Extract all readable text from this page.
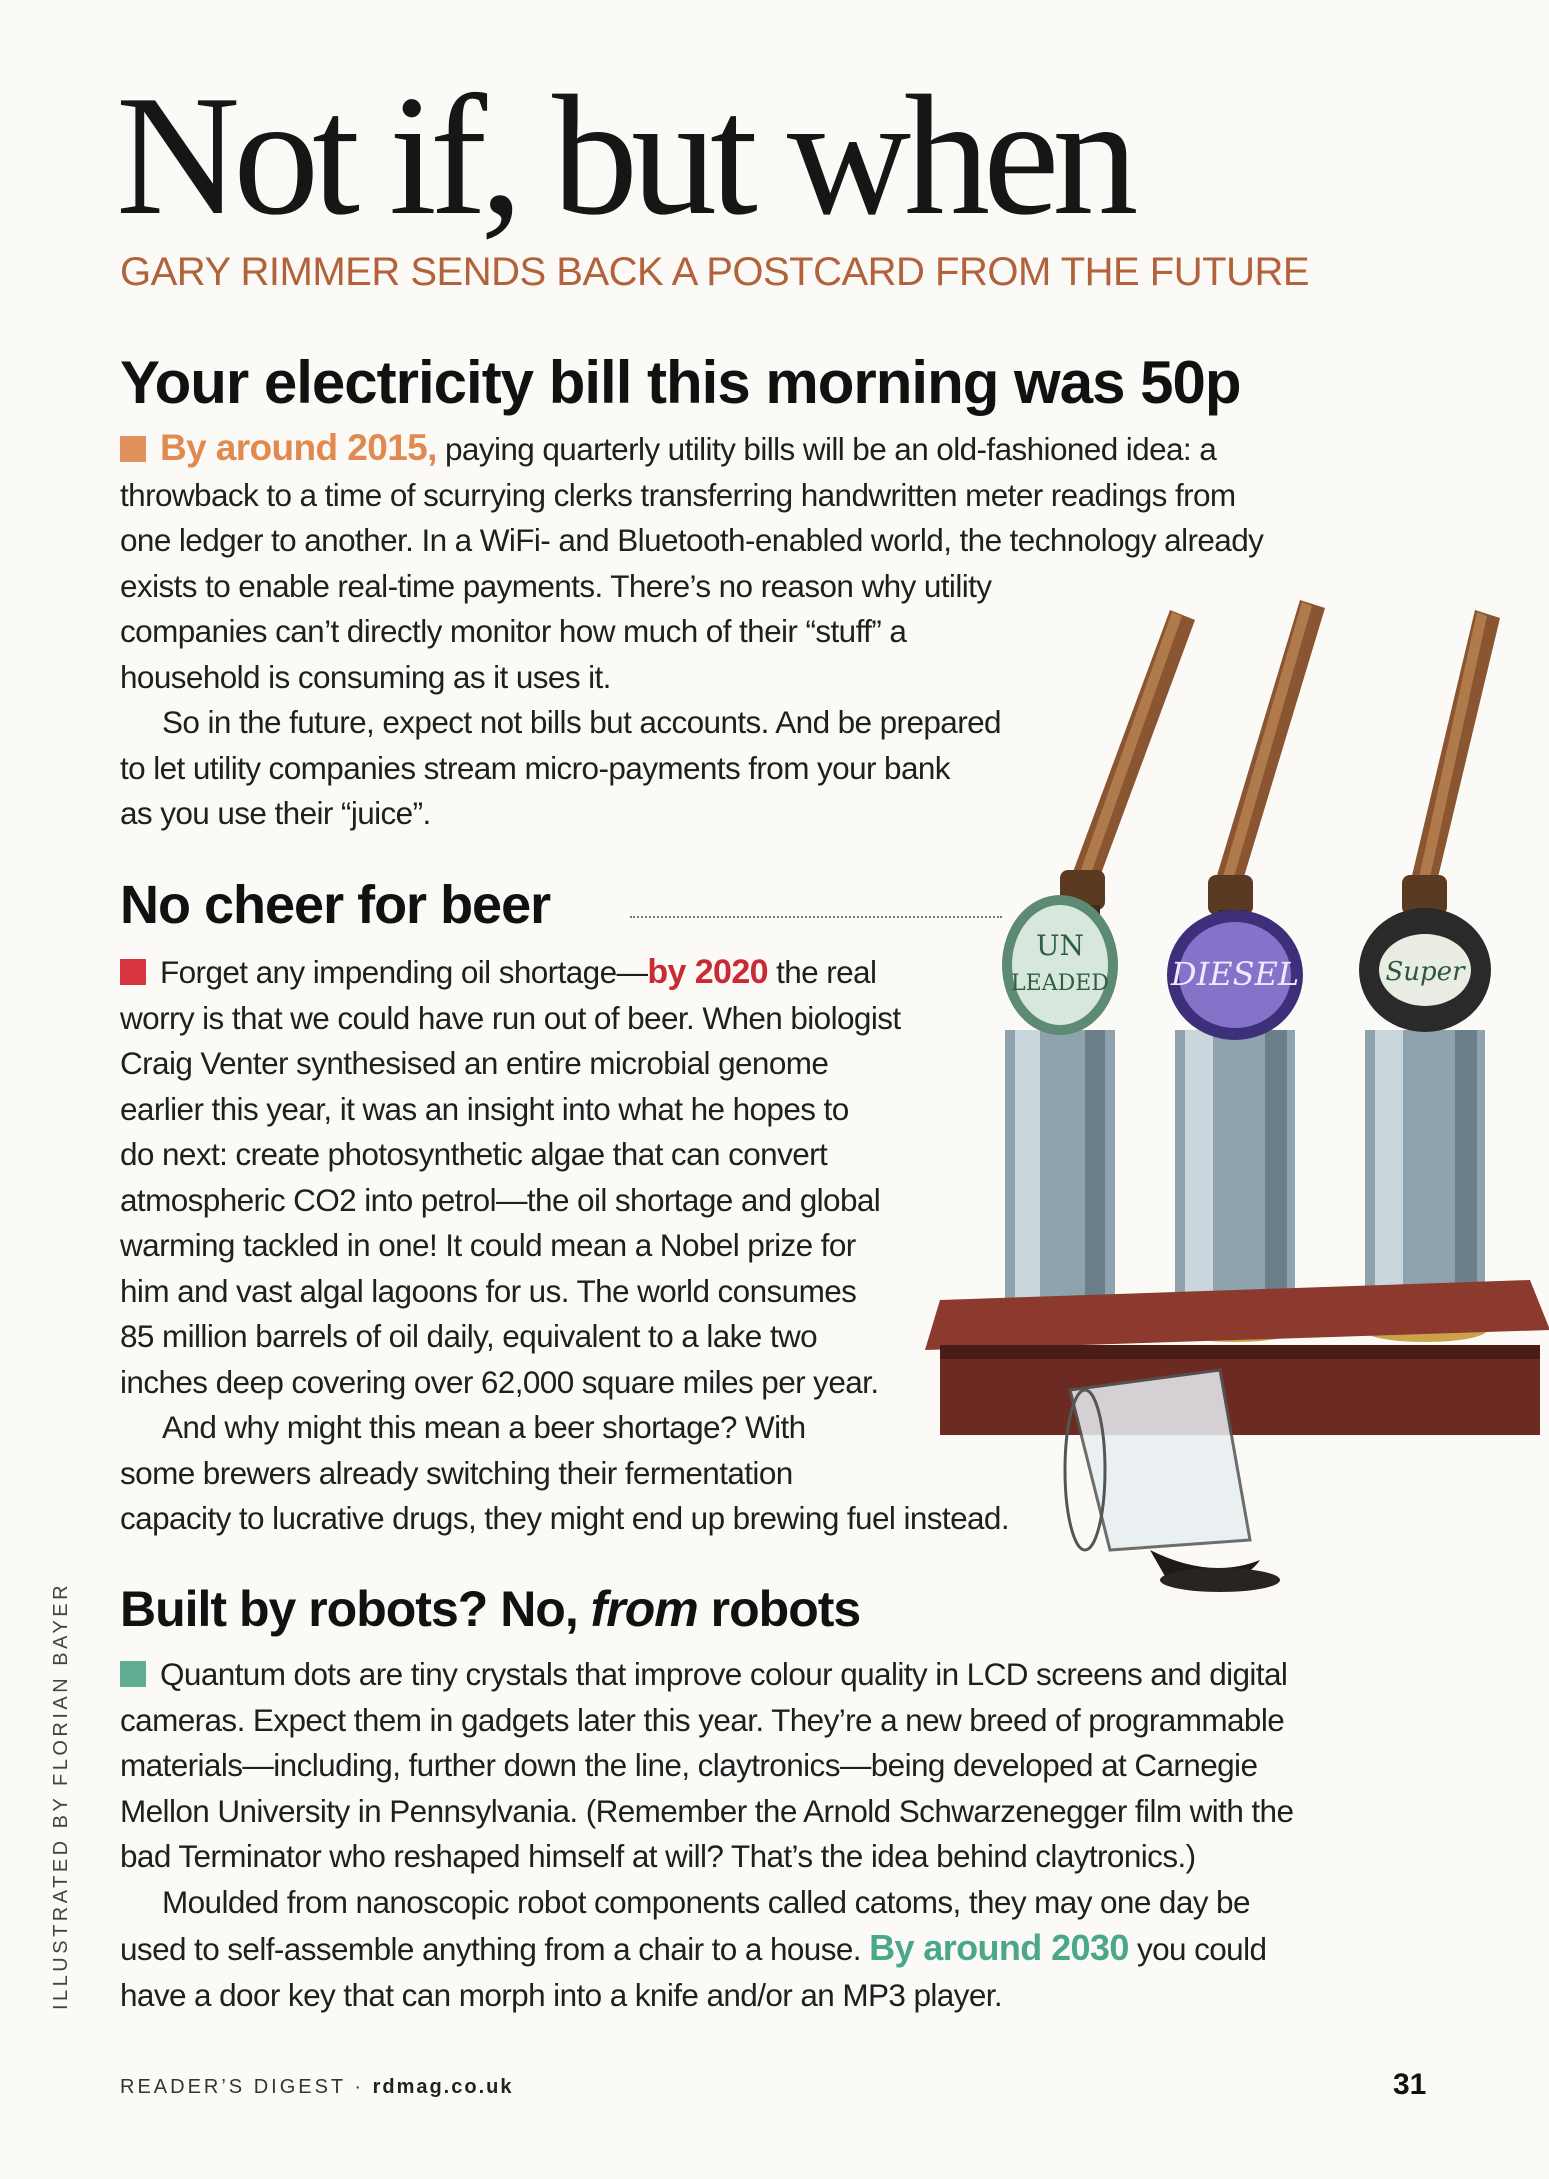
Not if, but when
GARY RIMMER SENDS BACK A POSTCARD FROM THE FUTURE
Your electricity bill this morning was 50p

By around 2015, paying quarterly utility bills will be an old-fashioned idea: a
throwback to a time of scurrying clerks transferring handwritten meter readings from
one ledger to another. In a WiFi- and Bluetooth-enabled world, the technology already
exists to enable real-time payments. There’s no reason why utility
companies can’t directly monitor how much of their “stuff” a
household is consuming as it uses it.

So in the future, expect not bills but accounts. And be prepared
to let utility companies stream micro-payments from your bank
as you use their “juice”.

No cheer for beer

Forget any impending oil shortage—by 2020 the real
worry is that we could have run out of beer. When biologist
Craig Venter synthesised an entire microbial genome
earlier this year, it was an insight into what he hopes to
do next: create photosynthetic algae that can convert
atmospheric CO2 into petrol—the oil shortage and global
warming tackled in one! It could mean a Nobel prize for
him and vast algal lagoons for us. The world consumes
85 million barrels of oil daily, equivalent to a lake two
inches deep covering over 62,000 square miles per year.

And why might this mean a beer shortage? With
some brewers already switching their fermentation
capacity to lucrative drugs, they might end up brewing fuel instead.

Built by robots? No, from robots

Quantum dots are tiny crystals that improve colour quality in LCD screens and digital
cameras. Expect them in gadgets later this year. They’re a new breed of programmable
materials—including, further down the line, claytronics—being developed at Carnegie
Mellon University in Pennsylvania. (Remember the Arnold Schwarzenegger film with the
bad Terminator who reshaped himself at will? That’s the idea behind claytronics.)

Moulded from nanoscopic robot components called catoms, they may one day be
used to self-assemble anything from a chair to a house. By around 2030 you could
have a door key that can morph into a knife and/or an MP3 player.

UN
LEADED DIESEL	Super
ILLUSTRATED BY FLORIAN BAYER
READER’S DIGEST · rdmag.co.uk	31
